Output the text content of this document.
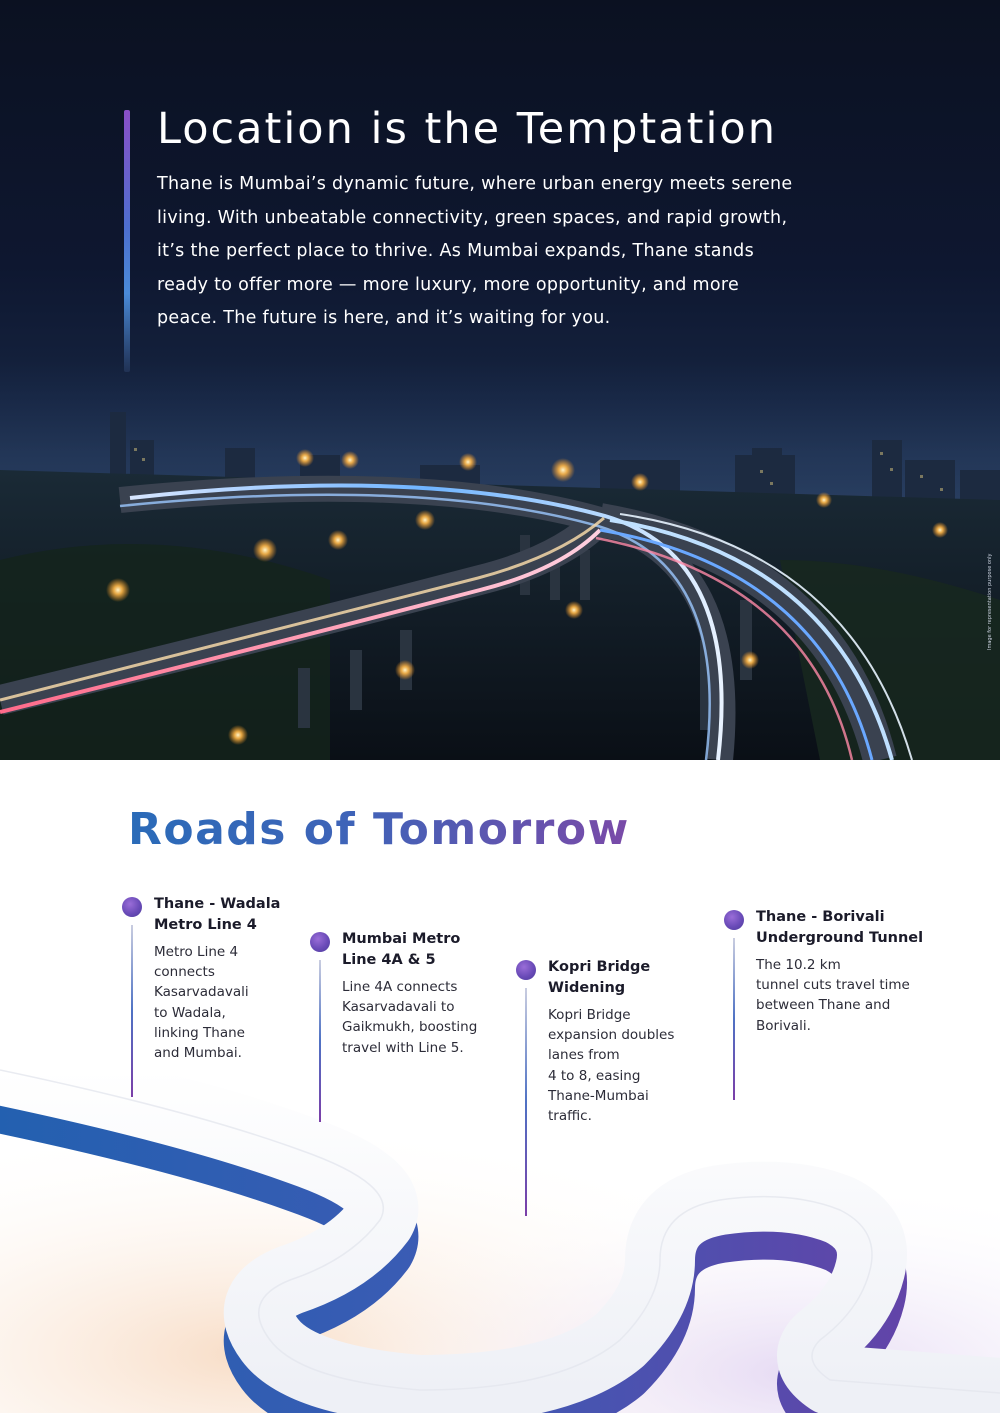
Location is the Temptation
Thane is Mumbai’s dynamic future, where urban energy meets serene
living. With unbeatable connectivity, green spaces, and rapid growth,
it’s the perfect place to thrive. As Mumbai expands, Thane stands
ready to offer more — more luxury, more opportunity, and more
peace. The future is here, and it’s waiting for you.
Image for representation purpose only
Roads of Tomorrow
Thane - Wadala
Metro Line 4
Metro Line 4
connects
Kasarvadavali
to Wadala,
linking Thane
and Mumbai.
Mumbai Metro
Line 4A & 5
Line 4A connects
Kasarvadavali to
Gaikmukh, boosting
travel with Line 5.
Kopri Bridge
Widening
Kopri Bridge
expansion doubles
lanes from
4 to 8, easing
Thane-Mumbai
traffic.
Thane - Borivali
Underground Tunnel
The 10.2 km
tunnel cuts travel time
between Thane and
Borivali.
